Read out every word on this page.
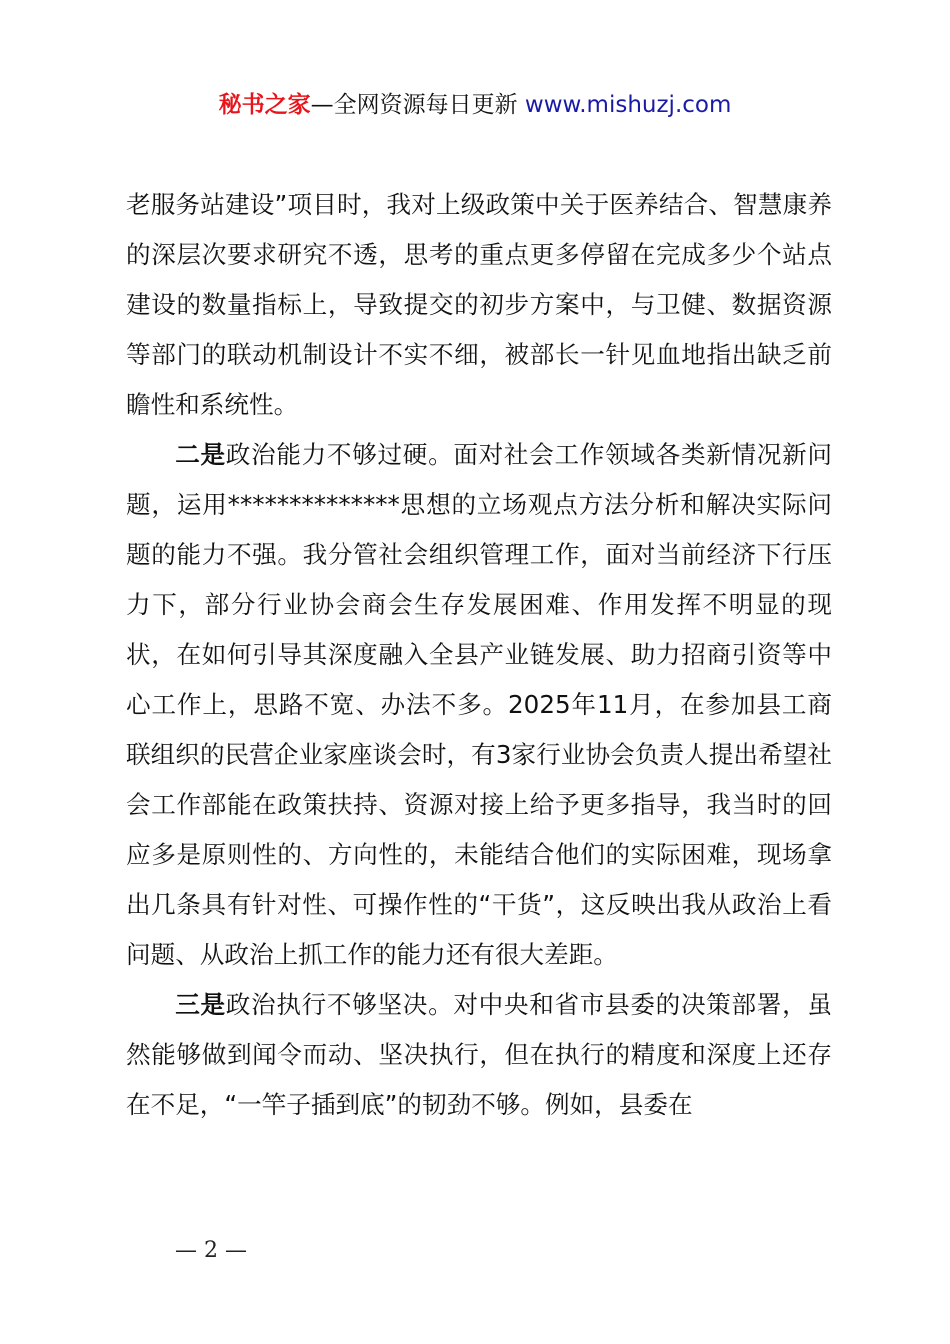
秘书之家—全网资源每日更新 www.mishuzj.com

老服务站建设”项目时，我对上级政策中关于医养结合、智慧康养的深层次要求研究不透，思考的重点更多停留在完成多少个站点建设的数量指标上，导致提交的初步方案中，与卫健、数据资源等部门的联动机制设计不实不细，被部长一针见血地指出缺乏前瞻性和系统性。

二是政治能力不够过硬。面对社会工作领域各类新情况新问题，运用**************思想的立场观点方法分析和解决实际问题的能力不强。我分管社会组织管理工作，面对当前经济下行压力下，部分行业协会商会生存发展困难、作用发挥不明显的现状，在如何引导其深度融入全县产业链发展、助力招商引资等中心工作上，思路不宽、办法不多。2025年11月，在参加县工商联组织的民营企业家座谈会时，有3家行业协会负责人提出希望社会工作部能在政策扶持、资源对接上给予更多指导，我当时的回应多是原则性的、方向性的，未能结合他们的实际困难，现场拿出几条具有针对性、可操作性的“干货”，这反映出我从政治上看问题、从政治上抓工作的能力还有很大差距。

三是政治执行不够坚决。对中央和省市县委的决策部署，虽然能够做到闻令而动、坚决执行，但在执行的精度和深度上还存在不足，“一竿子插到底”的韧劲不够。例如，县委在

— 2 —
